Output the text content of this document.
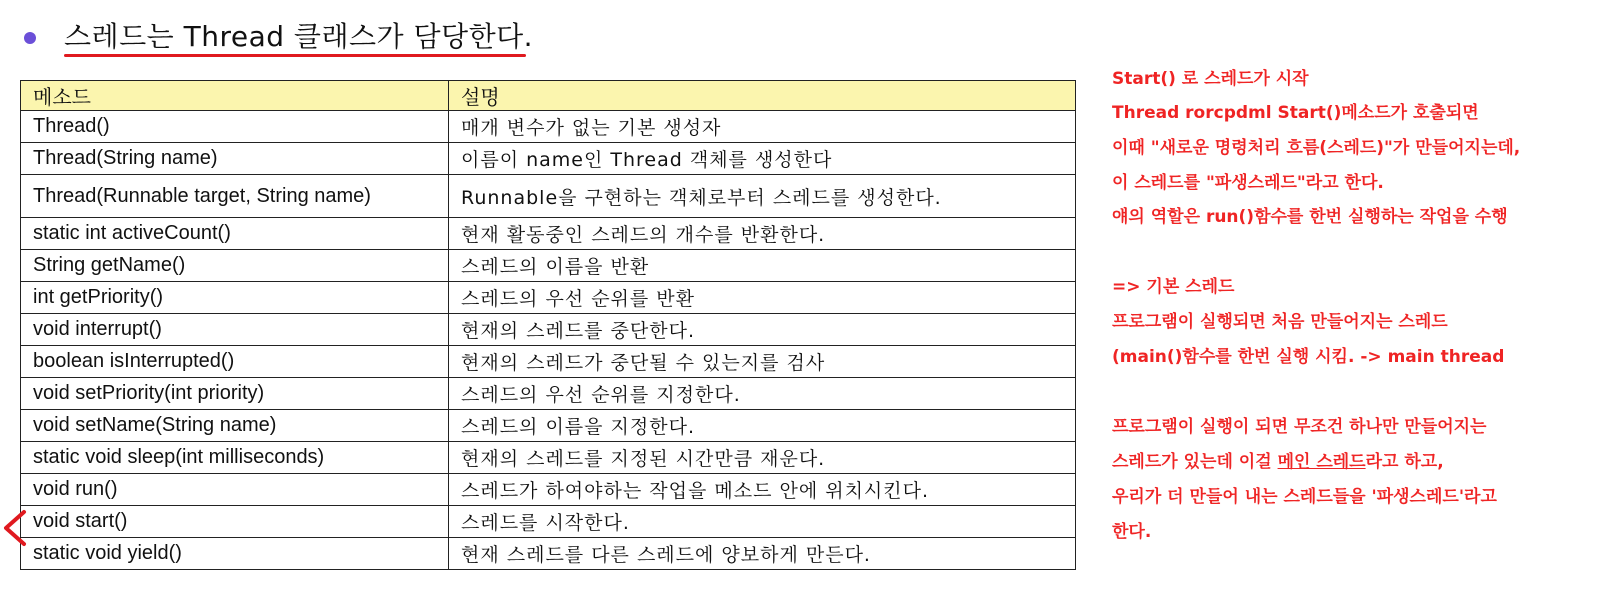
스레드는 Thread 클래스가 담당한다.
메소드	설명
Thread()	매개 변수가 없는 기본 생성자
Thread(String name)	이름이 name인 Thread 객체를 생성한다
Thread(Runnable target, String name)	Runnable을 구현하는 객체로부터 스레드를 생성한다.
static int activeCount()	현재 활동중인 스레드의 개수를 반환한다.
String getName()	스레드의 이름을 반환
int getPriority()	스레드의 우선 순위를 반환
void interrupt()	현재의 스레드를 중단한다.
boolean isInterrupted()	현재의 스레드가 중단될 수 있는지를 검사
void setPriority(int priority)	스레드의 우선 순위를 지정한다.
void setName(String name)	스레드의 이름을 지정한다.
static void sleep(int milliseconds)	현재의 스레드를 지정된 시간만큼 재운다.
void run()	스레드가 하여야하는 작업을 메소드 안에 위치시킨다.
void start()	스레드를 시작한다.
static void yield()	현재 스레드를 다른 스레드에 양보하게 만든다.
Start() 로 스레드가 시작
Thread rorcpdml Start()메소드가 호출되면
이때 "새로운 명령처리 흐름(스레드)"가 만들어지는데,
이 스레드를 "파생스레드"라고 한다.
얘의 역할은 run()함수를 한번 실행하는 작업을 수행
=> 기본 스레드
프로그램이 실행되면 처음 만들어지는 스레드
(main()함수를 한번 실행 시킴. -> main thread
프로그램이 실행이 되면 무조건 하나만 만들어지는
스레드가 있는데 이걸 메인 스레드라고 하고,
우리가 더 만들어 내는 스레드들을 '파생스레드'라고
한다.
